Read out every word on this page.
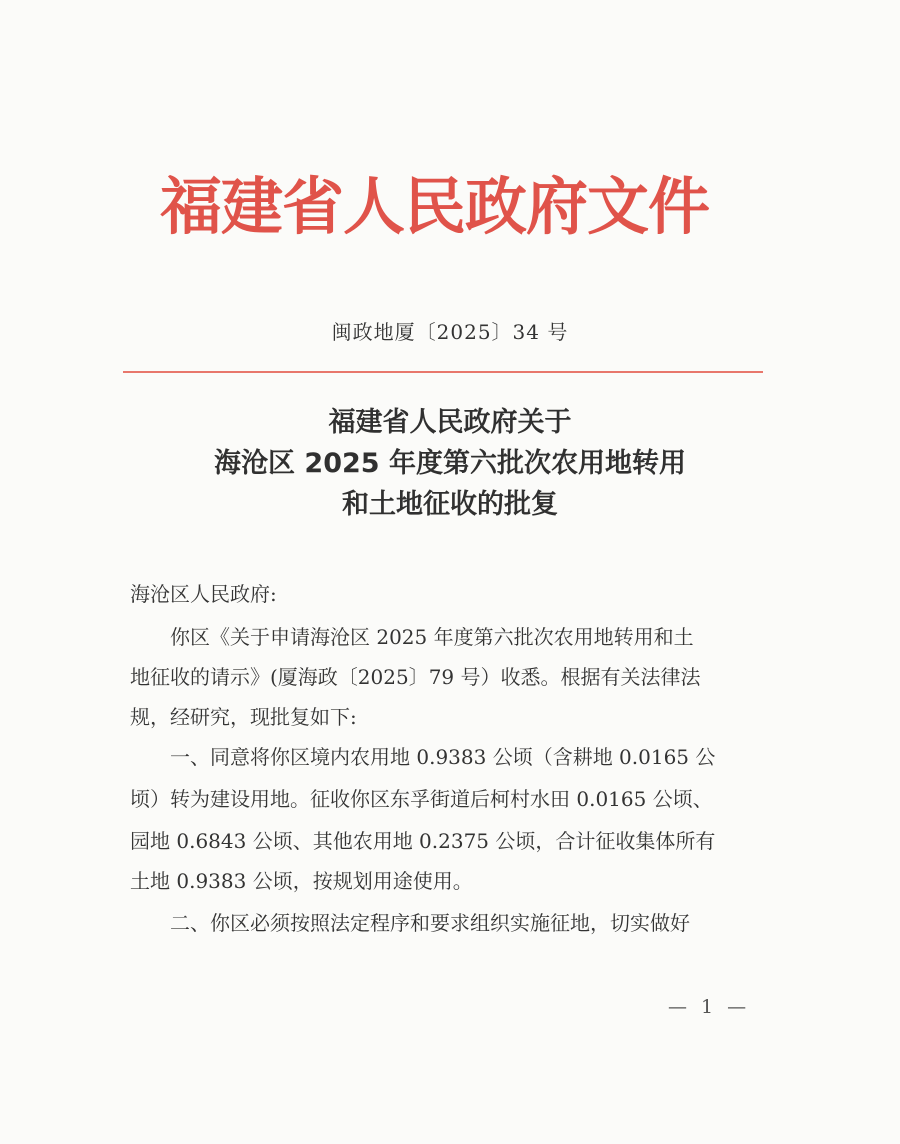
福建省人民政府文件
闽政地厦〔2025〕34 号
福建省人民政府关于
海沧区 2025 年度第六批次农用地转用
和土地征收的批复
海沧区人民政府:
　　你区《关于申请海沧区 2025 年度第六批次农用地转用和土
地征收的请示》(厦海政〔2025〕79 号）收悉。根据有关法律法
规，经研究，现批复如下:
　　一、同意将你区境内农用地 0.9383 公顷（含耕地 0.0165 公
顷）转为建设用地。征收你区东孚街道后柯村水田 0.0165 公顷、
园地 0.6843 公顷、其他农用地 0.2375 公顷，合计征收集体所有
土地 0.9383 公顷，按规划用途使用。
　　二、你区必须按照法定程序和要求组织实施征地，切实做好
— 1 —
